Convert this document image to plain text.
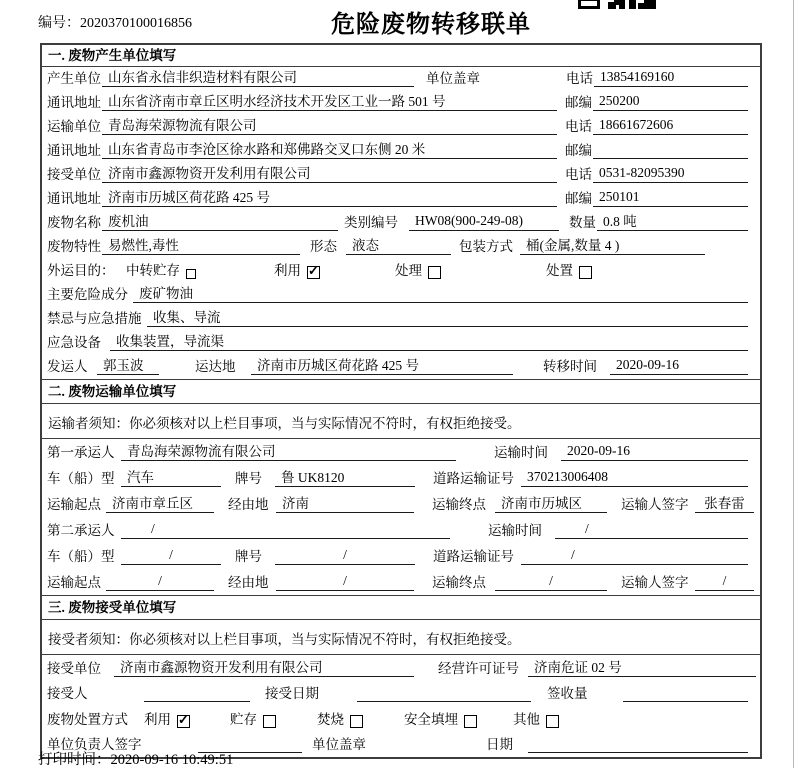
编号：2020370100016856	危险废物转移联单
一. 废物产生单位填写
产生单位 山东省永信非织造材料有限公司	单位盖章	电话 13854169160
通讯地址 山东省济南市章丘区明水经济技术开发区工业一路 501 号	邮编 250200
运输单位 青岛海荣源物流有限公司	电话 18661672606
通讯地址 山东省青岛市李沧区徐水路和郑佛路交叉口东侧 20 米	邮编
接受单位 济南市鑫源物资开发利用有限公司	电话 0531-82095390
通讯地址 济南市历城区荷花路 425 号	邮编 250101
废物名称 废机油	类别编号	HW08(900-249-08)	数量 0.8 吨
废物特性 易燃性,毒性	形态	液态	包装方式 桶(金属,数量 4 )
外运目的： 中转贮存	利用 ✓	处理	处置
主要危险成分 废矿物油
禁忌与应急措施 收集、导流
应急设备	收集装置，导流渠
发运人	郭玉波	运达地	济南市历城区荷花路 425 号	转移时间	2020-09-16
二. 废物运输单位填写
运输者须知：你必须核对以上栏目事项，当与实际情况不符时，有权拒绝接受。
第一承运人 青岛海荣源物流有限公司	运输时间	2020-09-16
车（船）型 汽车	牌号	鲁 UK8120	道路运输证号 370213006408
运输起点 济南市章丘区	经由地	济南	运输终点	济南市历城区	运输人签字	张春雷
第二承运人	/	运输时间	/
车（船）型	/	牌号	/	道路运输证号	/
运输起点	/	经由地	/	运输终点	/	运输人签字	/
三. 废物接受单位填写
接受者须知：你必须核对以上栏目事项，当与实际情况不符时，有权拒绝接受。
接受单位	济南市鑫源物资开发利用有限公司	经营许可证号	济南危证 02 号
接受人	接受日期	签收量
废物处置方式 利用 ✓	贮存	焚烧	安全填埋	其他
单位负责人签字	单位盖章	日期
打印时间：2020-09-16 10:49:51
